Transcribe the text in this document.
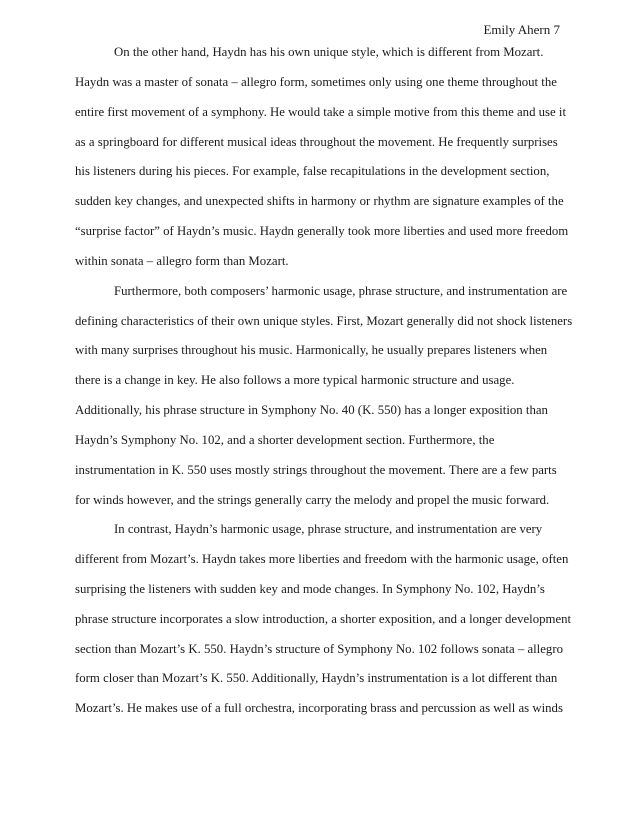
Emily Ahern 7
On the other hand, Haydn has his own unique style, which is different from Mozart.
Haydn was a master of sonata – allegro form, sometimes only using one theme throughout the
entire first movement of a symphony. He would take a simple motive from this theme and use it
as a springboard for different musical ideas throughout the movement. He frequently surprises
his listeners during his pieces. For example, false recapitulations in the development section,
sudden key changes, and unexpected shifts in harmony or rhythm are signature examples of the
“surprise factor” of Haydn’s music. Haydn generally took more liberties and used more freedom
within sonata – allegro form than Mozart.
Furthermore, both composers’ harmonic usage, phrase structure, and instrumentation are
defining characteristics of their own unique styles. First, Mozart generally did not shock listeners
with many surprises throughout his music. Harmonically, he usually prepares listeners when
there is a change in key. He also follows a more typical harmonic structure and usage.
Additionally, his phrase structure in Symphony No. 40 (K. 550) has a longer exposition than
Haydn’s Symphony No. 102, and a shorter development section. Furthermore, the
instrumentation in K. 550 uses mostly strings throughout the movement. There are a few parts
for winds however, and the strings generally carry the melody and propel the music forward.
In contrast, Haydn’s harmonic usage, phrase structure, and instrumentation are very
different from Mozart’s. Haydn takes more liberties and freedom with the harmonic usage, often
surprising the listeners with sudden key and mode changes. In Symphony No. 102, Haydn’s
phrase structure incorporates a slow introduction, a shorter exposition, and a longer development
section than Mozart’s K. 550. Haydn’s structure of Symphony No. 102 follows sonata – allegro
form closer than Mozart’s K. 550. Additionally, Haydn’s instrumentation is a lot different than
Mozart’s. He makes use of a full orchestra, incorporating brass and percussion as well as winds
